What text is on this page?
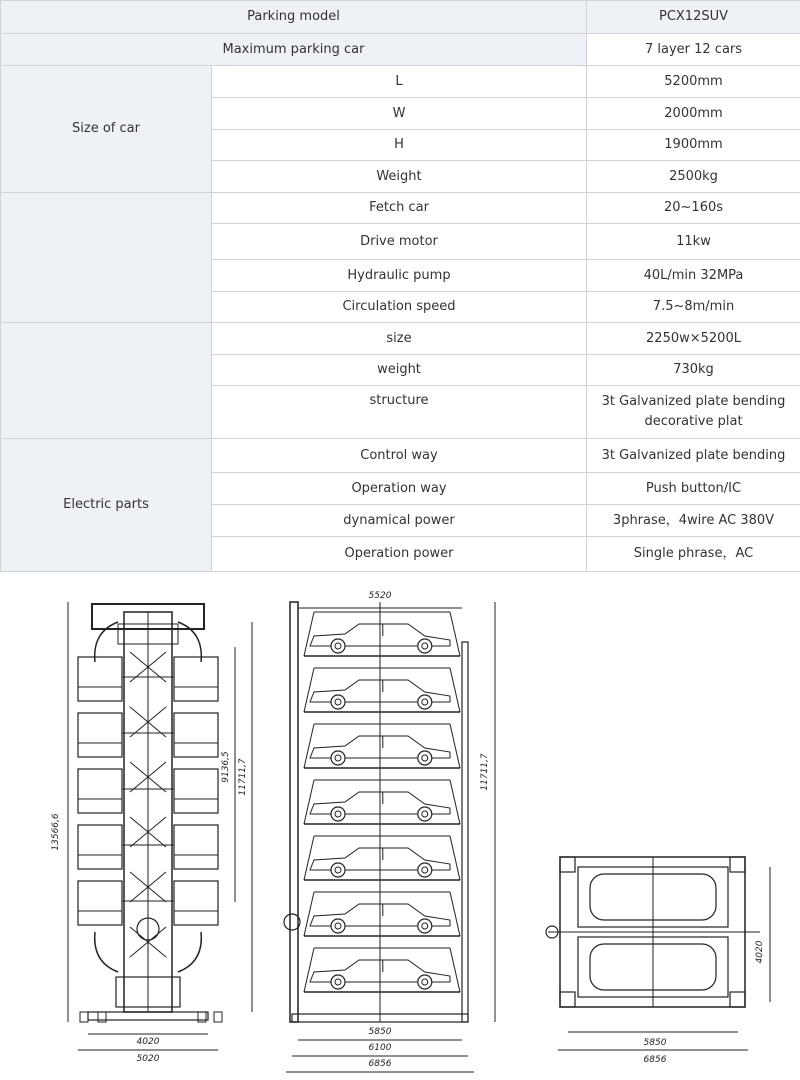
Parking model		PCX12SUV
Maximum parking car		7 layer 12 cars
Size of car	L	5200mm
	W	2000mm
	H	1900mm
	Weight	2500kg
	Fetch car	20~160s
	Drive motor	11kw
	Hydraulic pump	40L/min 32MPa
	Circulation speed	7.5~8m/min
	size	2250w×5200L
	weight	730kg
	structure	3t Galvanized plate bending decorative plat
Electric parts	Control way	3t Galvanized plate bending
	Operation way	Push button/IC
	dynamical power	3phrase，4wire AC 380V
	Operation power	Single phrase，AC
13566,6
9136,5 11711,7
4020
5020
5520
11711,7
5850
6100
6856
4020
5850
6856
